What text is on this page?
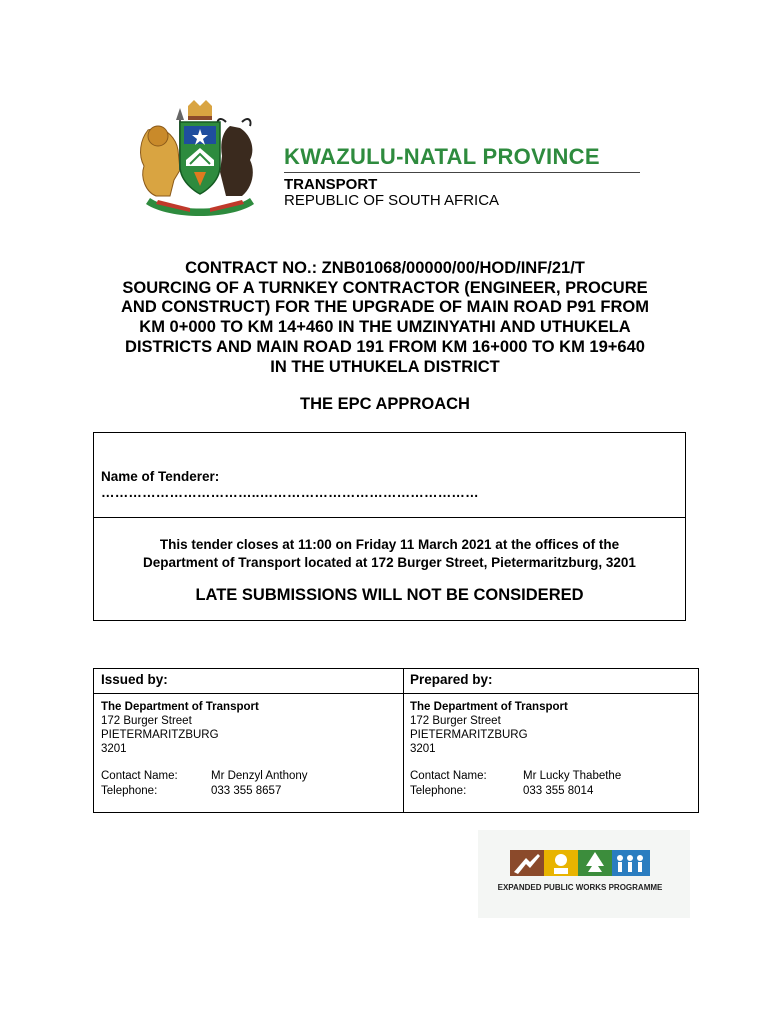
KWAZULU-NATAL PROVINCE
TRANSPORT
REPUBLIC OF SOUTH AFRICA
CONTRACT NO.: ZNB01068/00000/00/HOD/INF/21/T
SOURCING OF A TURNKEY CONTRACTOR (ENGINEER, PROCURE
AND CONSTRUCT) FOR THE UPGRADE OF MAIN ROAD P91 FROM
KM 0+000 TO KM 14+460 IN THE UMZINYATHI AND UTHUKELA
DISTRICTS AND MAIN ROAD 191 FROM KM 16+000 TO KM 19+640
IN THE UTHUKELA DISTRICT
THE EPC APPROACH
Name of Tenderer:
……………………………..…………………………………………
This tender closes at 11:00 on Friday 11 March 2021 at the offices of the
Department of Transport located at 172 Burger Street, Pietermaritzburg, 3201
LATE SUBMISSIONS WILL NOT BE CONSIDERED
Issued by:
The Department of Transport
172 Burger Street
PIETERMARITZBURG
3201
Contact Name:	Mr Denzyl Anthony
Telephone:	033 355 8657
Prepared by:
The Department of Transport
172 Burger Street
PIETERMARITZBURG
3201
Contact Name:	Mr Lucky Thabethe
Telephone:	033 355 8014
EXPANDED PUBLIC WORKS PROGRAMME
